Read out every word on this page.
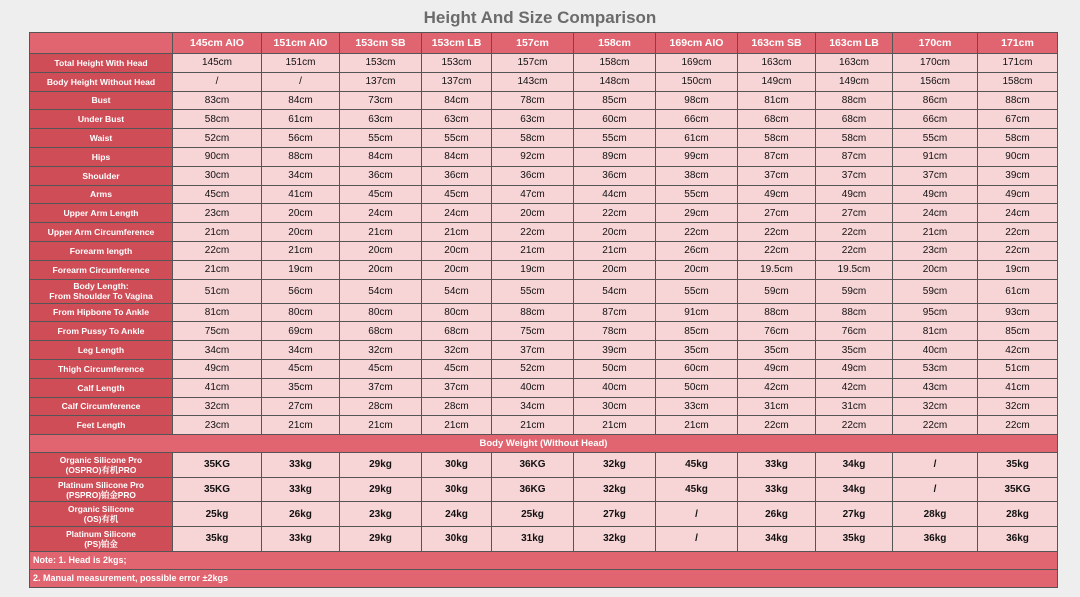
Height And Size Comparison
	145cm AIO	151cm AIO	153cm SB	153cm LB	157cm	158cm	169cm AIO	163cm SB	163cm LB	170cm	171cm

Total Height With Head	145cm	151cm	153cm	153cm	157cm	158cm	169cm	163cm	163cm	170cm	171cm

Body Height Without Head	/	/	137cm	137cm	143cm	148cm	150cm	149cm	149cm	156cm	158cm

Bust	83cm	84cm	73cm	84cm	78cm	85cm	98cm	81cm	88cm	86cm	88cm

Under Bust	58cm	61cm	63cm	63cm	63cm	60cm	66cm	68cm	68cm	66cm	67cm

Waist	52cm	56cm	55cm	55cm	58cm	55cm	61cm	58cm	58cm	55cm	58cm

Hips	90cm	88cm	84cm	84cm	92cm	89cm	99cm	87cm	87cm	91cm	90cm

Shoulder	30cm	34cm	36cm	36cm	36cm	36cm	38cm	37cm	37cm	37cm	39cm

Arms	45cm	41cm	45cm	45cm	47cm	44cm	55cm	49cm	49cm	49cm	49cm

Upper Arm Length	23cm	20cm	24cm	24cm	20cm	22cm	29cm	27cm	27cm	24cm	24cm

Upper Arm Circumference	21cm	20cm	21cm	21cm	22cm	20cm	22cm	22cm	22cm	21cm	22cm

Forearm length	22cm	21cm	20cm	20cm	21cm	21cm	26cm	22cm	22cm	23cm	22cm

Forearm Circumference	21cm	19cm	20cm	20cm	19cm	20cm	20cm	19.5cm	19.5cm	20cm	19cm

Body Length:
From Shoulder To Vagina	51cm	56cm	54cm	54cm	55cm	54cm	55cm	59cm	59cm	59cm	61cm

From Hipbone To Ankle	81cm	80cm	80cm	80cm	88cm	87cm	91cm	88cm	88cm	95cm	93cm

From Pussy To Ankle	75cm	69cm	68cm	68cm	75cm	78cm	85cm	76cm	76cm	81cm	85cm

Leg Length	34cm	34cm	32cm	32cm	37cm	39cm	35cm	35cm	35cm	40cm	42cm

Thigh Circumference	49cm	45cm	45cm	45cm	52cm	50cm	60cm	49cm	49cm	53cm	51cm

Calf Length	41cm	35cm	37cm	37cm	40cm	40cm	50cm	42cm	42cm	43cm	41cm

Calf Circumference	32cm	27cm	28cm	28cm	34cm	30cm	33cm	31cm	31cm	32cm	32cm

Feet Length	23cm	21cm	21cm	21cm	21cm	21cm	21cm	22cm	22cm	22cm	22cm
Body Weight (Without Head)											

Organic Silicone Pro
(OSPRO)有机PRO	35KG	33kg	29kg	30kg	36KG	32kg	45kg	33kg	34kg	/	35kg

Platinum Silicone Pro
(PSPRO)铂金PRO	35KG	33kg	29kg	30kg	36KG	32kg	45kg	33kg	34kg	/	35KG

Organic Silicone
(OS)有机	25kg	26kg	23kg	24kg	25kg	27kg	/	26kg	27kg	28kg	28kg

Platinum Silicone
(PS)铂金	35kg	33kg	29kg	30kg	31kg	32kg	/	34kg	35kg	36kg	36kg
Note: 1. Head is 2kgs;											
2. Manual measurement, possible error ±2kgs											
